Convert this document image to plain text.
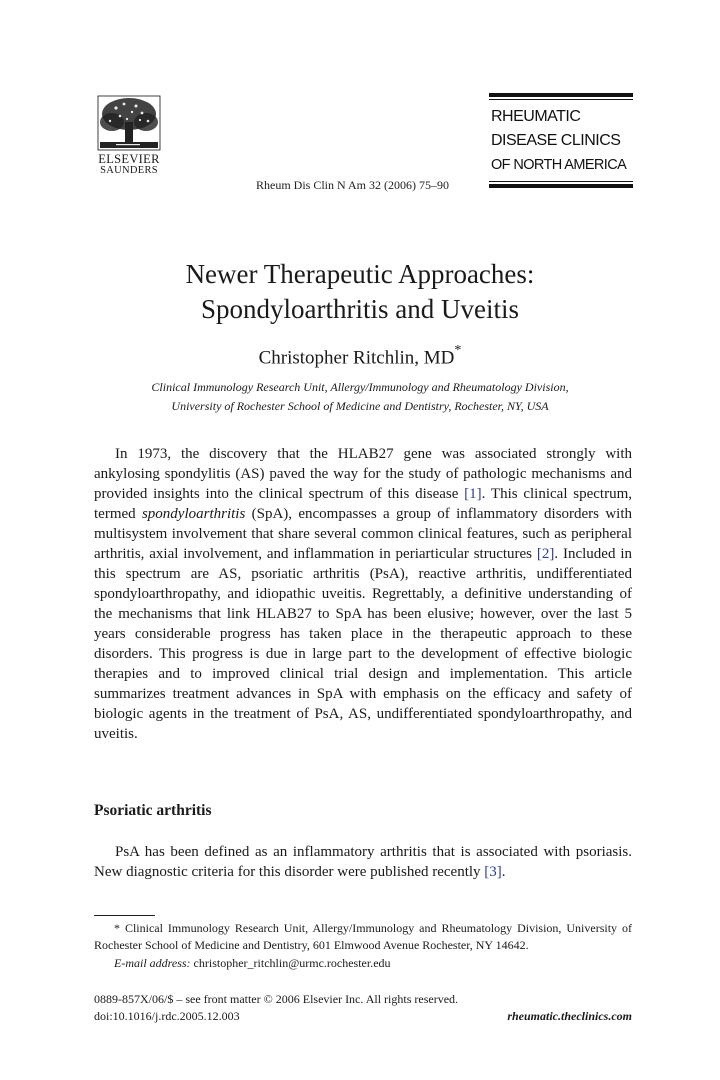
ELSEVIER
SAUNDERS
RHEUMATIC
DISEASE CLINICS
OF NORTH AMERICA
Rheum Dis Clin N Am 32 (2006) 75–90
Newer Therapeutic Approaches:
Spondyloarthritis and Uveitis
Christopher Ritchlin, MD*
Clinical Immunology Research Unit, Allergy/Immunology and Rheumatology Division,
University of Rochester School of Medicine and Dentistry, Rochester, NY, USA

In 1973, the discovery that the HLAB27 gene was associated strongly with ankylosing spondylitis (AS) paved the way for the study of pathologic mechanisms and provided insights into the clinical spectrum of this disease [1]. This clinical spectrum, termed spondyloarthritis (SpA), encompasses a group of inflammatory disorders with multisystem involvement that share several common clinical features, such as peripheral arthritis, axial involvement, and inflammation in periarticular structures [2]. Included in this spectrum are AS, psoriatic arthritis (PsA), reactive arthritis, undifferentiated spondyloarthropathy, and idiopathic uveitis. Regrettably, a definitive understanding of the mechanisms that link HLAB27 to SpA has been elusive; however, over the last 5 years considerable progress has taken place in the therapeutic approach to these disorders. This progress is due in large part to the development of effective biologic therapies and to improved clinical trial design and implementation. This article summarizes treatment advances in SpA with emphasis on the efficacy and safety of biologic agents in the treatment of PsA, AS, undifferentiated spondyloarthropathy, and uveitis.

Psoriatic arthritis

PsA has been defined as an inflammatory arthritis that is associated with psoriasis. New diagnostic criteria for this disorder were published recently [3].

* Clinical Immunology Research Unit, Allergy/Immunology and Rheumatology Division, University of Rochester School of Medicine and Dentistry, 601 Elmwood Avenue Rochester, NY 14642.

E-mail address: christopher_ritchlin@urmc.rochester.edu
0889-857X/06/$ – see front matter © 2006 Elsevier Inc. All rights reserved.
doi:10.1016/j.rdc.2005.12.003	rheumatic.theclinics.com
